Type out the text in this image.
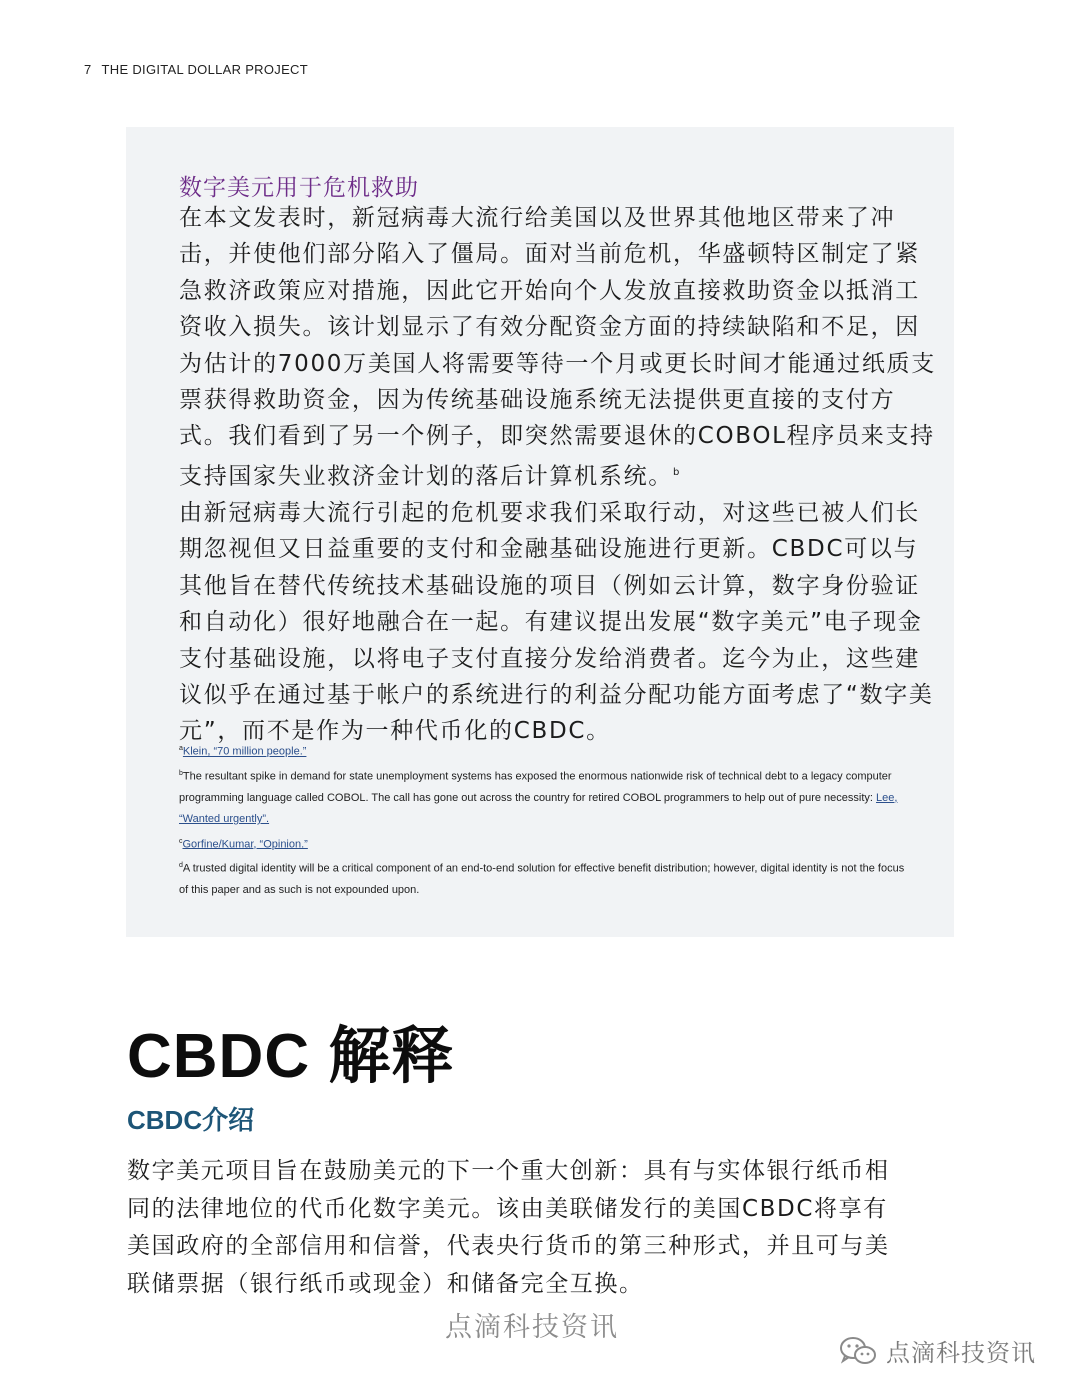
7 THE DIGITAL DOLLAR PROJECT
数字美元用于危机救助

在本文发表时，新冠病毒大流行给美国以及世界其他地区带来了冲击，并使他们部分陷入了僵局。面对当前危机，华盛顿特区制定了紧急救济政策应对措施，因此它开始向个人发放直接救助资金以抵消工资收入损失。该计划显示了有效分配资金方面的持续缺陷和不足，因为估计的7000万美国人将需要等待一个月或更长时间才能通过纸质支票获得救助资金，因为传统基础设施系统无法提供更直接的支付方式。我们看到了另一个例子，即突然需要退休的COBOL程序员来支持支持国家失业救济金计划的落后计算机系统。$^b$

由新冠病毒大流行引起的危机要求我们采取行动，对这些已被人们长期忽视但又日益重要的支付和金融基础设施进行更新。CBDC可以与其他旨在替代传统技术基础设施的项目（例如云计算，数字身份验证和自动化）很好地融合在一起。有建议提出发展“数字美元”电子现金支付基础设施，以将电子支付直接分发给消费者。迄今为止，这些建议似乎在通过基于帐户的系统进行的利益分配功能方面考虑了“数字美元”，而不是作为一种代币化的CBDC。

$^a$Klein, “70 million people.”

$^b$The resultant spike in demand for state unemployment systems has exposed the enormous nationwide risk of technical debt to a legacy computer programming language called COBOL. The call has gone out across the country for retired COBOL programmers to help out of pure necessity: Lee, “Wanted urgently”.

$^c$Gorfine/Kumar, “Opinion.”

$^d$A trusted digital identity will be a critical component of an end-to-end solution for effective benefit distribution; however, digital identity is not the focus of this paper and as such is not expounded upon.

CBDC 解释
CBDC介绍

数字美元项目旨在鼓励美元的下一个重大创新：具有与实体银行纸币相同的法律地位的代币化数字美元。该由美联储发行的美国CBDC将享有美国政府的全部信用和信誉，代表央行货币的第三种形式，并且可与美联储票据（银行纸币或现金）和储备完全互换。

点滴科技资讯
点滴科技资讯
